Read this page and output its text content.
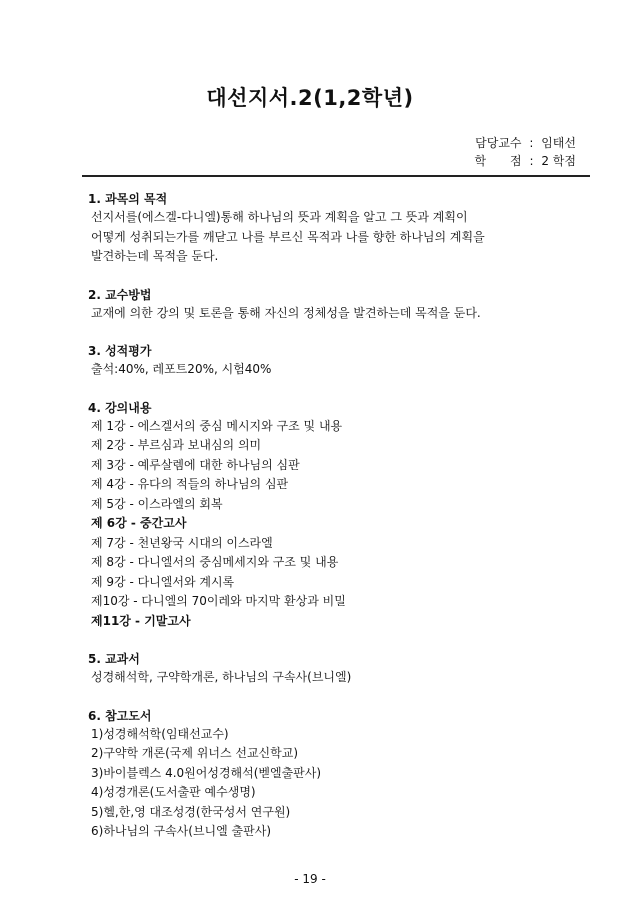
대선지서.2(1,2학년)
담당교수 : 임태선
학　　점 : 2 학점
1. 과목의 목적
선지서를(에스겔-다니엘)통해 하나님의 뜻과 계획을 알고 그 뜻과 계획이
어떻게 성취되는가를 깨닫고 나를 부르신 목적과 나를 향한 하나님의 계획을
발견하는데 목적을 둔다.
2. 교수방법
교재에 의한 강의 및 토론을 통해 자신의 정체성을 발견하는데 목적을 둔다.
3. 성적평가
출석:40%, 레포트20%, 시험40%
4. 강의내용
제 1강 - 에스겔서의 중심 메시지와 구조 및 내용
제 2강 - 부르심과 보내심의 의미
제 3강 - 예루살렘에 대한 하나님의 심판
제 4강 - 유다의 적들의 하나님의 심판
제 5강 - 이스라엘의 회복
제 6강 - 중간고사
제 7강 - 천년왕국 시대의 이스라엘
제 8강 - 다니엘서의 중심메세지와 구조 및 내용
제 9강 - 다니엘서와 계시록
제10강 - 다니엘의 70이레와 마지막 환상과 비밀
제11강 - 기말고사
5. 교과서
성경해석학, 구약학개론, 하나님의 구속사(브니엘)
6. 참고도서
1)성경해석학(임태선교수)
2)구약학 개론(국제 위너스 선교신학교)
3)바이블렉스 4.0원어성경해석(벧엘출판사)
4)성경개론(도서출판 예수생명)
5)헬,한,영 대조성경(한국성서 연구원)
6)하나님의 구속사(브니엘 출판사)
- 19 -
